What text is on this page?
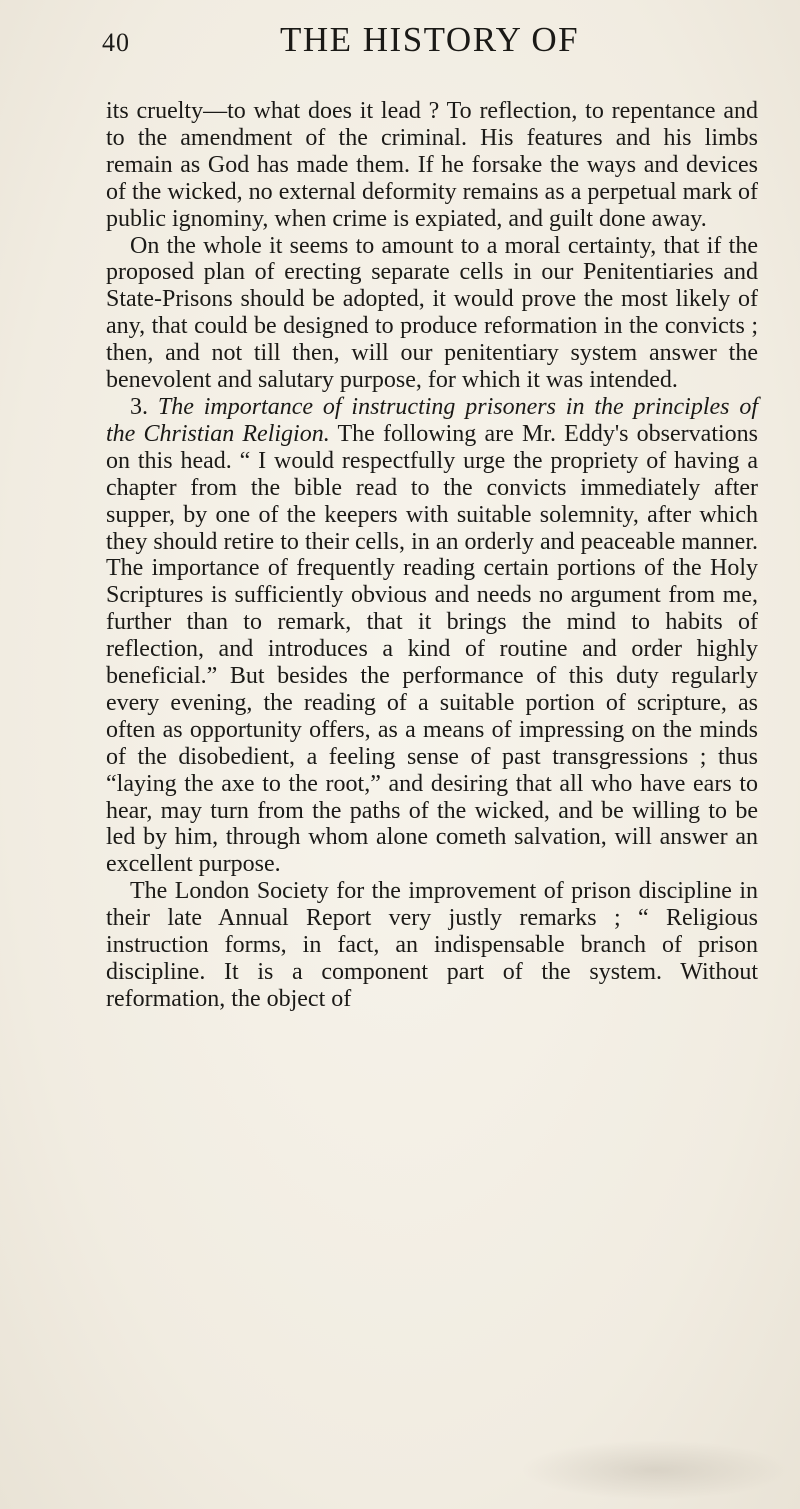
40	THE HISTORY OF

its cruelty—to what does it lead ? To reflection, to repentance and to the amendment of the criminal. His features and his limbs remain as God has made them. If he forsake the ways and devices of the wicked, no external deformity remains as a perpetual mark of public ignominy, when crime is expiated, and guilt done away.

On the whole it seems to amount to a moral certainty, that if the proposed plan of erecting separate cells in our Penitentiaries and State-Prisons should be adopted, it would prove the most likely of any, that could be designed to produce reformation in the convicts ; then, and not till then, will our penitentiary system answer the benevolent and salutary purpose, for which it was intended.

3. The importance of instructing prisoners in the principles of the Christian Religion. The following are Mr. Eddy's observations on this head. “ I would respectfully urge the propriety of having a chapter from the bible read to the convicts immediately after supper, by one of the keepers with suitable solemnity, after which they should retire to their cells, in an orderly and peaceable manner. The importance of frequently reading certain portions of the Holy Scriptures is sufficiently obvious and needs no argument from me, further than to remark, that it brings the mind to habits of reflection, and introduces a kind of routine and order highly beneficial.” But besides the performance of this duty regularly every evening, the reading of a suitable portion of scripture, as often as opportunity offers, as a means of impressing on the minds of the disobedient, a feeling sense of past transgressions ; thus “laying the axe to the root,” and desiring that all who have ears to hear, may turn from the paths of the wicked, and be willing to be led by him, through whom alone cometh salvation, will answer an excellent purpose.

The London Society for the improvement of prison discipline in their late Annual Report very justly remarks ; “ Religious instruction forms, in fact, an indispensable branch of prison discipline. It is a component part of the system. Without reformation, the object of
